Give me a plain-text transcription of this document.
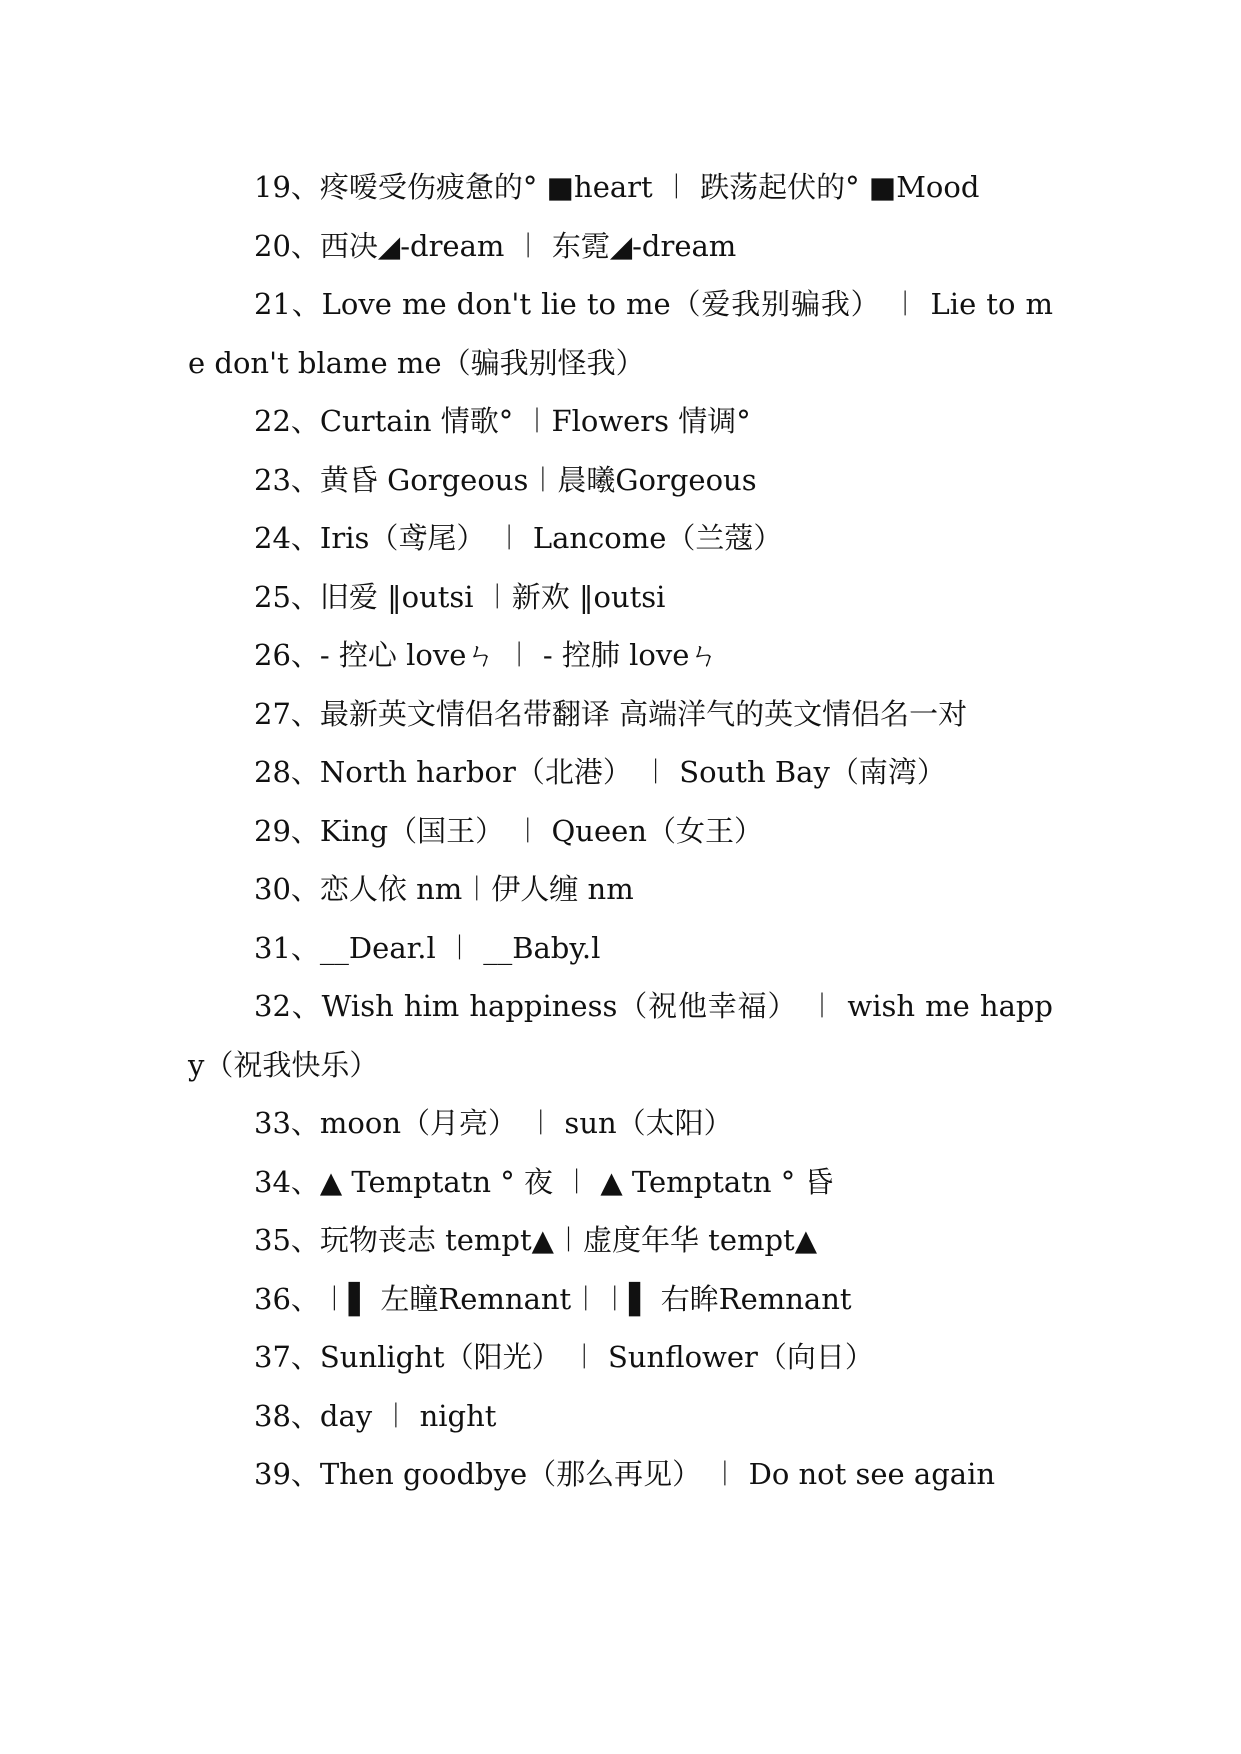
19、疼嗳受伤疲惫的° ■heart ︱ 跌荡起伏的° ■Mood

20、西决◢-dream ︱ 东霓◢-dream

21、Love me don't lie to me（爱我别骗我） ︱ Lie to me don't blame me（骗我别怪我）

22、Curtain 情歌° ︱Flowers 情调°

23、黄昏 Gorgeous︱晨曦Gorgeous

24、Iris（鸢尾） ︱ Lancome（兰蔻）

25、旧爱 ‖outsi ︱新欢 ‖outsi

26、- 控心 loveㄣ ︱ - 控肺 loveㄣ

27、最新英文情侣名带翻译 高端洋气的英文情侣名一对

28、North harbor（北港） ︱ South Bay（南湾）

29、King（国王） ︱ Queen（女王）

30、恋人依 nm︱伊人缠 nm

31、__Dear.l ︱ __Baby.l

32、Wish him happiness（祝他幸福） ︱ wish me happy（祝我快乐）

33、moon（月亮） ︱ sun（太阳）

34、▲ Temptatn ° 夜 ︱ ▲ Temptatn ° 昏

35、玩物丧志 tempt▲︱虚度年华 tempt▲

36、︱▌ 左瞳Remnant︱︱▌ 右眸Remnant

37、Sunlight（阳光） ︱ Sunflower（向日）

38、day ︱ night

39、Then goodbye（那么再见） ︱ Do not see again
